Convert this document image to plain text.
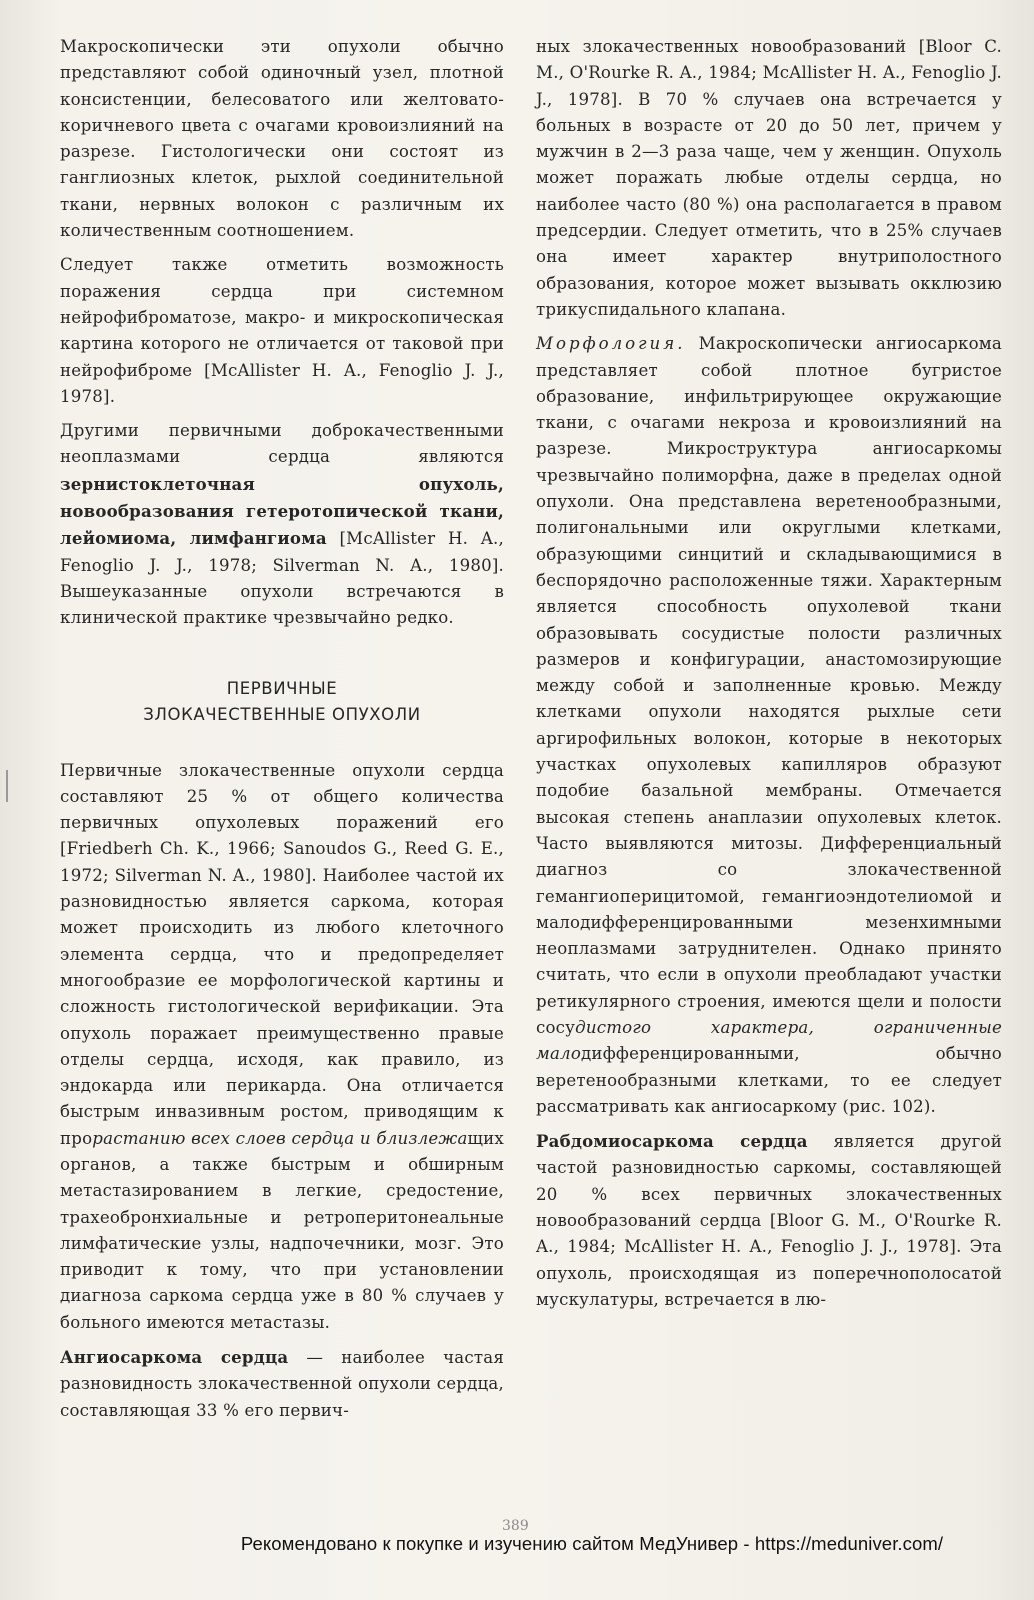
Макроскопически эти опухоли обычно представляют собой одиночный узел, плотной консистенции, белесоватого или желтовато-коричневого цвета с очагами кровоизлияний на разрезе. Гистологически они состоят из ганглиозных клеток, рыхлой соединительной ткани, нервных волокон с различным их количественным соотношением.

Следует также отметить возможность поражения сердца при системном нейрофиброматозе, макро- и микроскопическая картина которого не отличается от таковой при нейрофиброме [McAllister H. A., Fenoglio J. J., 1978].

Другими первичными доброкачественными неоплазмами сердца являются зернистоклеточная опухоль, новообразования гетеротопической ткани, лейомиома, лимфангиома [McAllister H. A., Fenoglio J. J., 1978; Silverman N. A., 1980]. Вышеуказанные опухоли встречаются в клинической практике чрезвычайно редко.

ПЕРВИЧНЫЕ
ЗЛОКАЧЕСТВЕННЫЕ ОПУХОЛИ

Первичные злокачественные опухоли сердца составляют 25 % от общего количества первичных опухолевых поражений его [Friedberh Ch. K., 1966; Sanoudos G., Reed G. E., 1972; Silverman N. A., 1980]. Наиболее частой их разновидностью является саркома, которая может происходить из любого клеточного элемента сердца, что и предопределяет многообразие ее морфологической картины и сложность гистологической верификации. Эта опухоль поражает преимущественно правые отделы сердца, исходя, как правило, из эндокарда или перикарда. Она отличается быстрым инвазивным ростом, приводящим к прорастанию всех слоев сердца и близлежащих органов, а также быстрым и обширным метастазированием в легкие, средостение, трахеобронхиальные и ретроперитонеальные лимфатические узлы, надпочечники, мозг. Это приводит к тому, что при установлении диагноза саркома сердца уже в 80 % случаев у больного имеются метастазы.

Ангиосаркома сердца — наиболее частая разновидность злокачественной опухоли сердца, составляющая 33 % его первич-

ных злокачественных новообразований [Bloor C. M., O'Rourke R. A., 1984; McAllister H. A., Fenoglio J. J., 1978]. В 70 % случаев она встречается у больных в возрасте от 20 до 50 лет, причем у мужчин в 2—3 раза чаще, чем у женщин. Опухоль может поражать любые отделы сердца, но наиболее часто (80 %) она располагается в правом предсердии. Следует отметить, что в 25% случаев она имеет характер внутриполостного образования, которое может вызывать окклюзию трикуспидального клапана.

Морфология. Макроскопически ангиосаркома представляет собой плотное бугристое образование, инфильтрирующее окружающие ткани, с очагами некроза и кровоизлияний на разрезе. Микроструктура ангиосаркомы чрезвычайно полиморфна, даже в пределах одной опухоли. Она представлена веретенообразными, полигональными или округлыми клетками, образующими синцитий и складывающимися в беспорядочно расположенные тяжи. Характерным является способность опухолевой ткани образовывать сосудистые полости различных размеров и конфигурации, анастомозирующие между собой и заполненные кровью. Между клетками опухоли находятся рыхлые сети аргирофильных волокон, которые в некоторых участках опухолевых капилляров образуют подобие базальной мембраны. Отмечается высокая степень анаплазии опухолевых клеток. Часто выявляются митозы. Дифференциальный диагноз со злокачественной гемангиоперицитомой, гемангиоэндотелиомой и малодифференцированными мезенхимными неоплазмами затруднителен. Однако принято считать, что если в опухоли преобладают участки ретикулярного строения, имеются щели и полости сосудистого характера, ограниченные малодифференцированными, обычно веретенообразными клетками, то ее следует рассматривать как ангиосаркому (рис. 102).

Рабдомиосаркома сердца является другой частой разновидностью саркомы, составляющей 20 % всех первичных злокачественных новообразований сердца [Bloor G. M., O'Rourke R. A., 1984; McAllister H. A., Fenoglio J. J., 1978]. Эта опухоль, происходящая из поперечнополосатой мускулатуры, встречается в лю-

389
Рекомендовано к покупке и изучению сайтом МедУнивер - https://meduniver.com/
